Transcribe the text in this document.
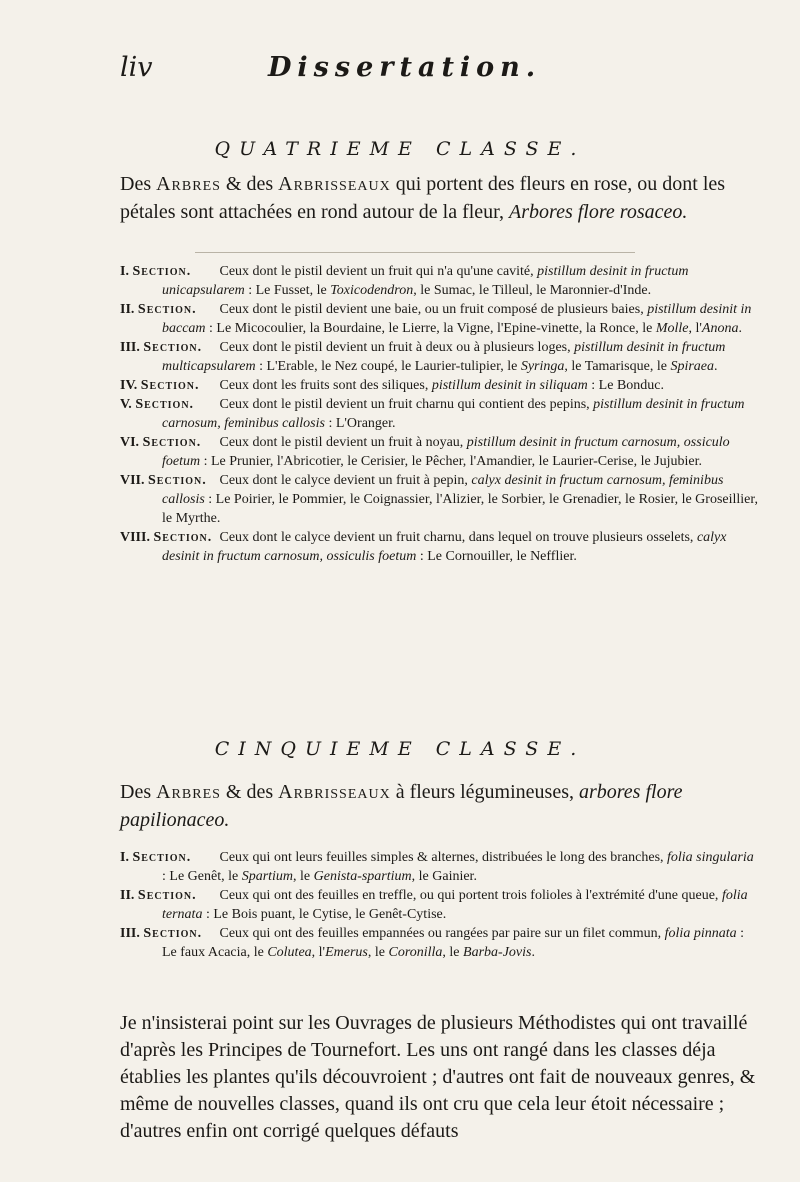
liv	Dissertation.
QUATRIEME CLASSE.

Des Arbres & des Arbrisseaux qui portent des fleurs en rose, ou dont les pétales sont attachées en rond autour de la fleur, Arbores flore rosaceo.

I. Section. Ceux dont le pistil devient un fruit qui n'a qu'une cavité, pistillum desinit in fructum unicapsularem : Le Fusset, le Toxicodendron, le Sumac, le Tilleul, le Maronnier-d'Inde.
II. Section. Ceux dont le pistil devient une baie, ou un fruit composé de plusieurs baies, pistillum desinit in baccam : Le Micocoulier, la Bourdaine, le Lierre, la Vigne, l'Epine-vinette, la Ronce, le Molle, l'Anona.
III. Section. Ceux dont le pistil devient un fruit à deux ou à plusieurs loges, pistillum desinit in fructum multicapsularem : L'Erable, le Nez coupé, le Laurier-tulipier, le Syringa, le Tamarisque, le Spiraea.
IV. Section. Ceux dont les fruits sont des siliques, pistillum desinit in siliquam : Le Bonduc.
V. Section. Ceux dont le pistil devient un fruit charnu qui contient des pepins, pistillum desinit in fructum carnosum, feminibus callosis : L'Oranger.
VI. Section. Ceux dont le pistil devient un fruit à noyau, pistillum desinit in fructum carnosum, ossiculo foetum : Le Prunier, l'Abricotier, le Cerisier, le Pêcher, l'Amandier, le Laurier-Cerise, le Jujubier.
VII. Section. Ceux dont le calyce devient un fruit à pepin, calyx desinit in fructum carnosum, feminibus callosis : Le Poirier, le Pommier, le Coignassier, l'Alizier, le Sorbier, le Grenadier, le Rosier, le Groseillier, le Myrthe.
VIII. Section. Ceux dont le calyce devient un fruit charnu, dans lequel on trouve plusieurs osselets, calyx desinit in fructum carnosum, ossiculis foetum : Le Cornouiller, le Nefflier.
CINQUIEME CLASSE.

Des Arbres & des Arbrisseaux à fleurs légumineuses, arbores flore papilionaceo.

I. Section. Ceux qui ont leurs feuilles simples & alternes, distribuées le long des branches, folia singularia : Le Genêt, le Spartium, le Genista-spartium, le Gainier.
II. Section. Ceux qui ont des feuilles en treffle, ou qui portent trois folioles à l'extrémité d'une queue, folia ternata : Le Bois puant, le Cytise, le Genêt-Cytise.
III. Section. Ceux qui ont des feuilles empannées ou rangées par paire sur un filet commun, folia pinnata : Le faux Acacia, le Colutea, l'Emerus, le Coronilla, le Barba-Jovis.

Je n'insisterai point sur les Ouvrages de plusieurs Méthodistes qui ont travaillé d'après les Principes de Tournefort. Les uns ont rangé dans les classes déja établies les plantes qu'ils découvroient ; d'autres ont fait de nouveaux genres, & même de nouvelles classes, quand ils ont cru que cela leur étoit nécessaire ; d'autres enfin ont corrigé quelques défauts
